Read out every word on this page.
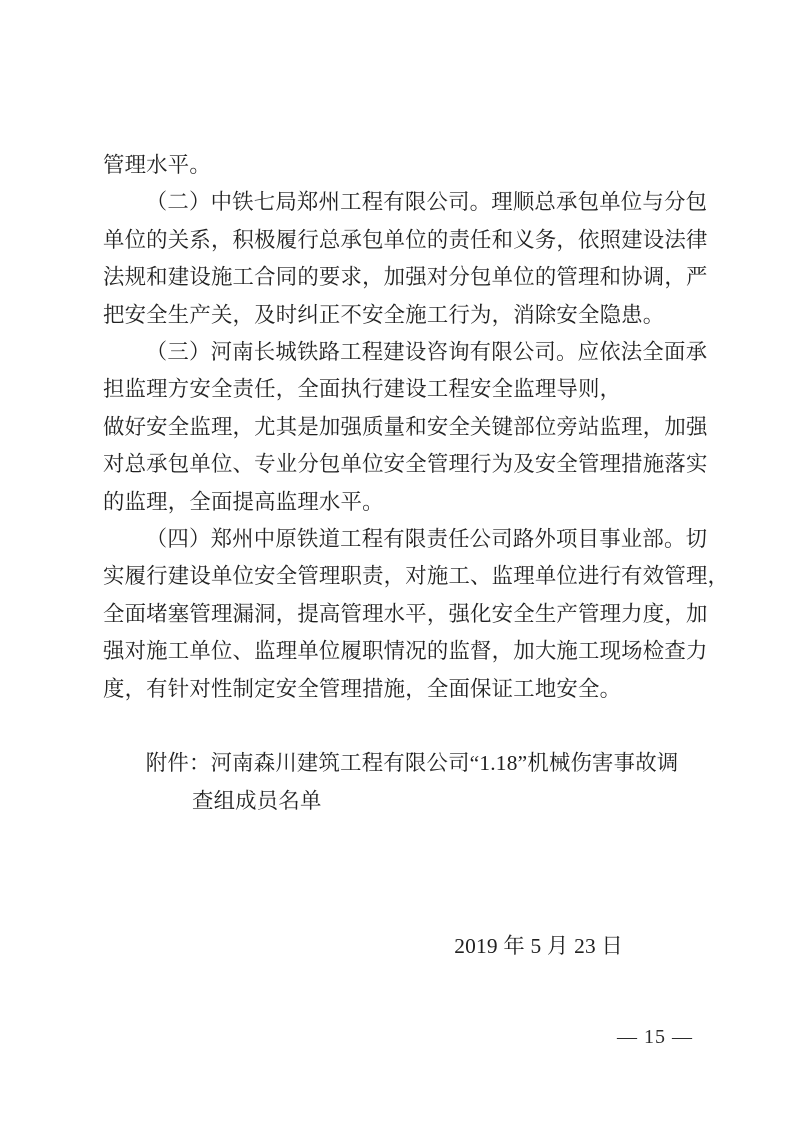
管理水平。

（二）中铁七局郑州工程有限公司。理顺总承包单位与分包

单位的关系，积极履行总承包单位的责任和义务，依照建设法律

法规和建设施工合同的要求，加强对分包单位的管理和协调，严

把安全生产关，及时纠正不安全施工行为，消除安全隐患。

（三）河南长城铁路工程建设咨询有限公司。应依法全面承

担监理方安全责任，全面执行建设工程安全监理导则，

做好安全监理，尤其是加强质量和安全关键部位旁站监理，加强

对总承包单位、专业分包单位安全管理行为及安全管理措施落实

的监理，全面提高监理水平。

（四）郑州中原铁道工程有限责任公司路外项目事业部。切

实履行建设单位安全管理职责，对施工、监理单位进行有效管理，

全面堵塞管理漏洞，提高管理水平，强化安全生产管理力度，加

强对施工单位、监理单位履职情况的监督，加大施工现场检查力

度，有针对性制定安全管理措施，全面保证工地安全。

附件：河南森川建筑工程有限公司“1.18”机械伤害事故调

查组成员名单

2019 年 5 月 23 日
— 15 —
